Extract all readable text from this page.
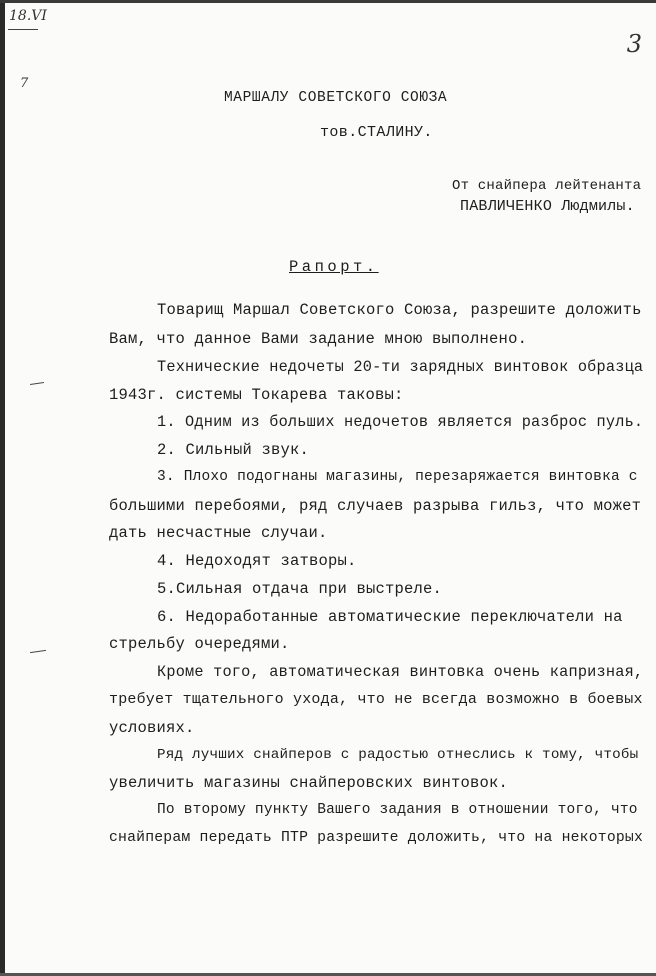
18.VI
7
3
МАРШАЛУ СОВЕТСКОГО СОЮЗА
тов.СТАЛИНУ.
От снайпера лейтенанта
ПАВЛИЧЕНКО Людмилы.
Рапорт.
Товарищ Маршал Советского Союза, разрешите доложить
Вам, что данное Вами задание мною выполнено.
Техничеcкие недочеты 20-ти зарядных винтовок образца
1943г. системы Токарева таковы:
1. Одним из больших недочетов является разброс пуль.
2. Сильный звук.
3. Плохо подогнаны магазины, перезаряжается винтовка с
большими перебоями, ряд случаев разрыва гильз, что может
дать несчастные случаи.
4. Недоходят затворы.
5.Сильная отдача при выстреле.
6. Недоработанные автоматические переключатели на
стрельбу очередями.
Кроме того, автоматическая винтовка очень капризная,
требует тщательного ухода, что не всегда возможно в боевых
условиях.
Ряд лучших снайперов с радостью отнеслись к тому, чтобы
увеличить магазины снайперовских винтовок.
По второму пункту Вашего задания в отношении того, что
снайперам передать ПТР разрешите доложить, что на некоторых
